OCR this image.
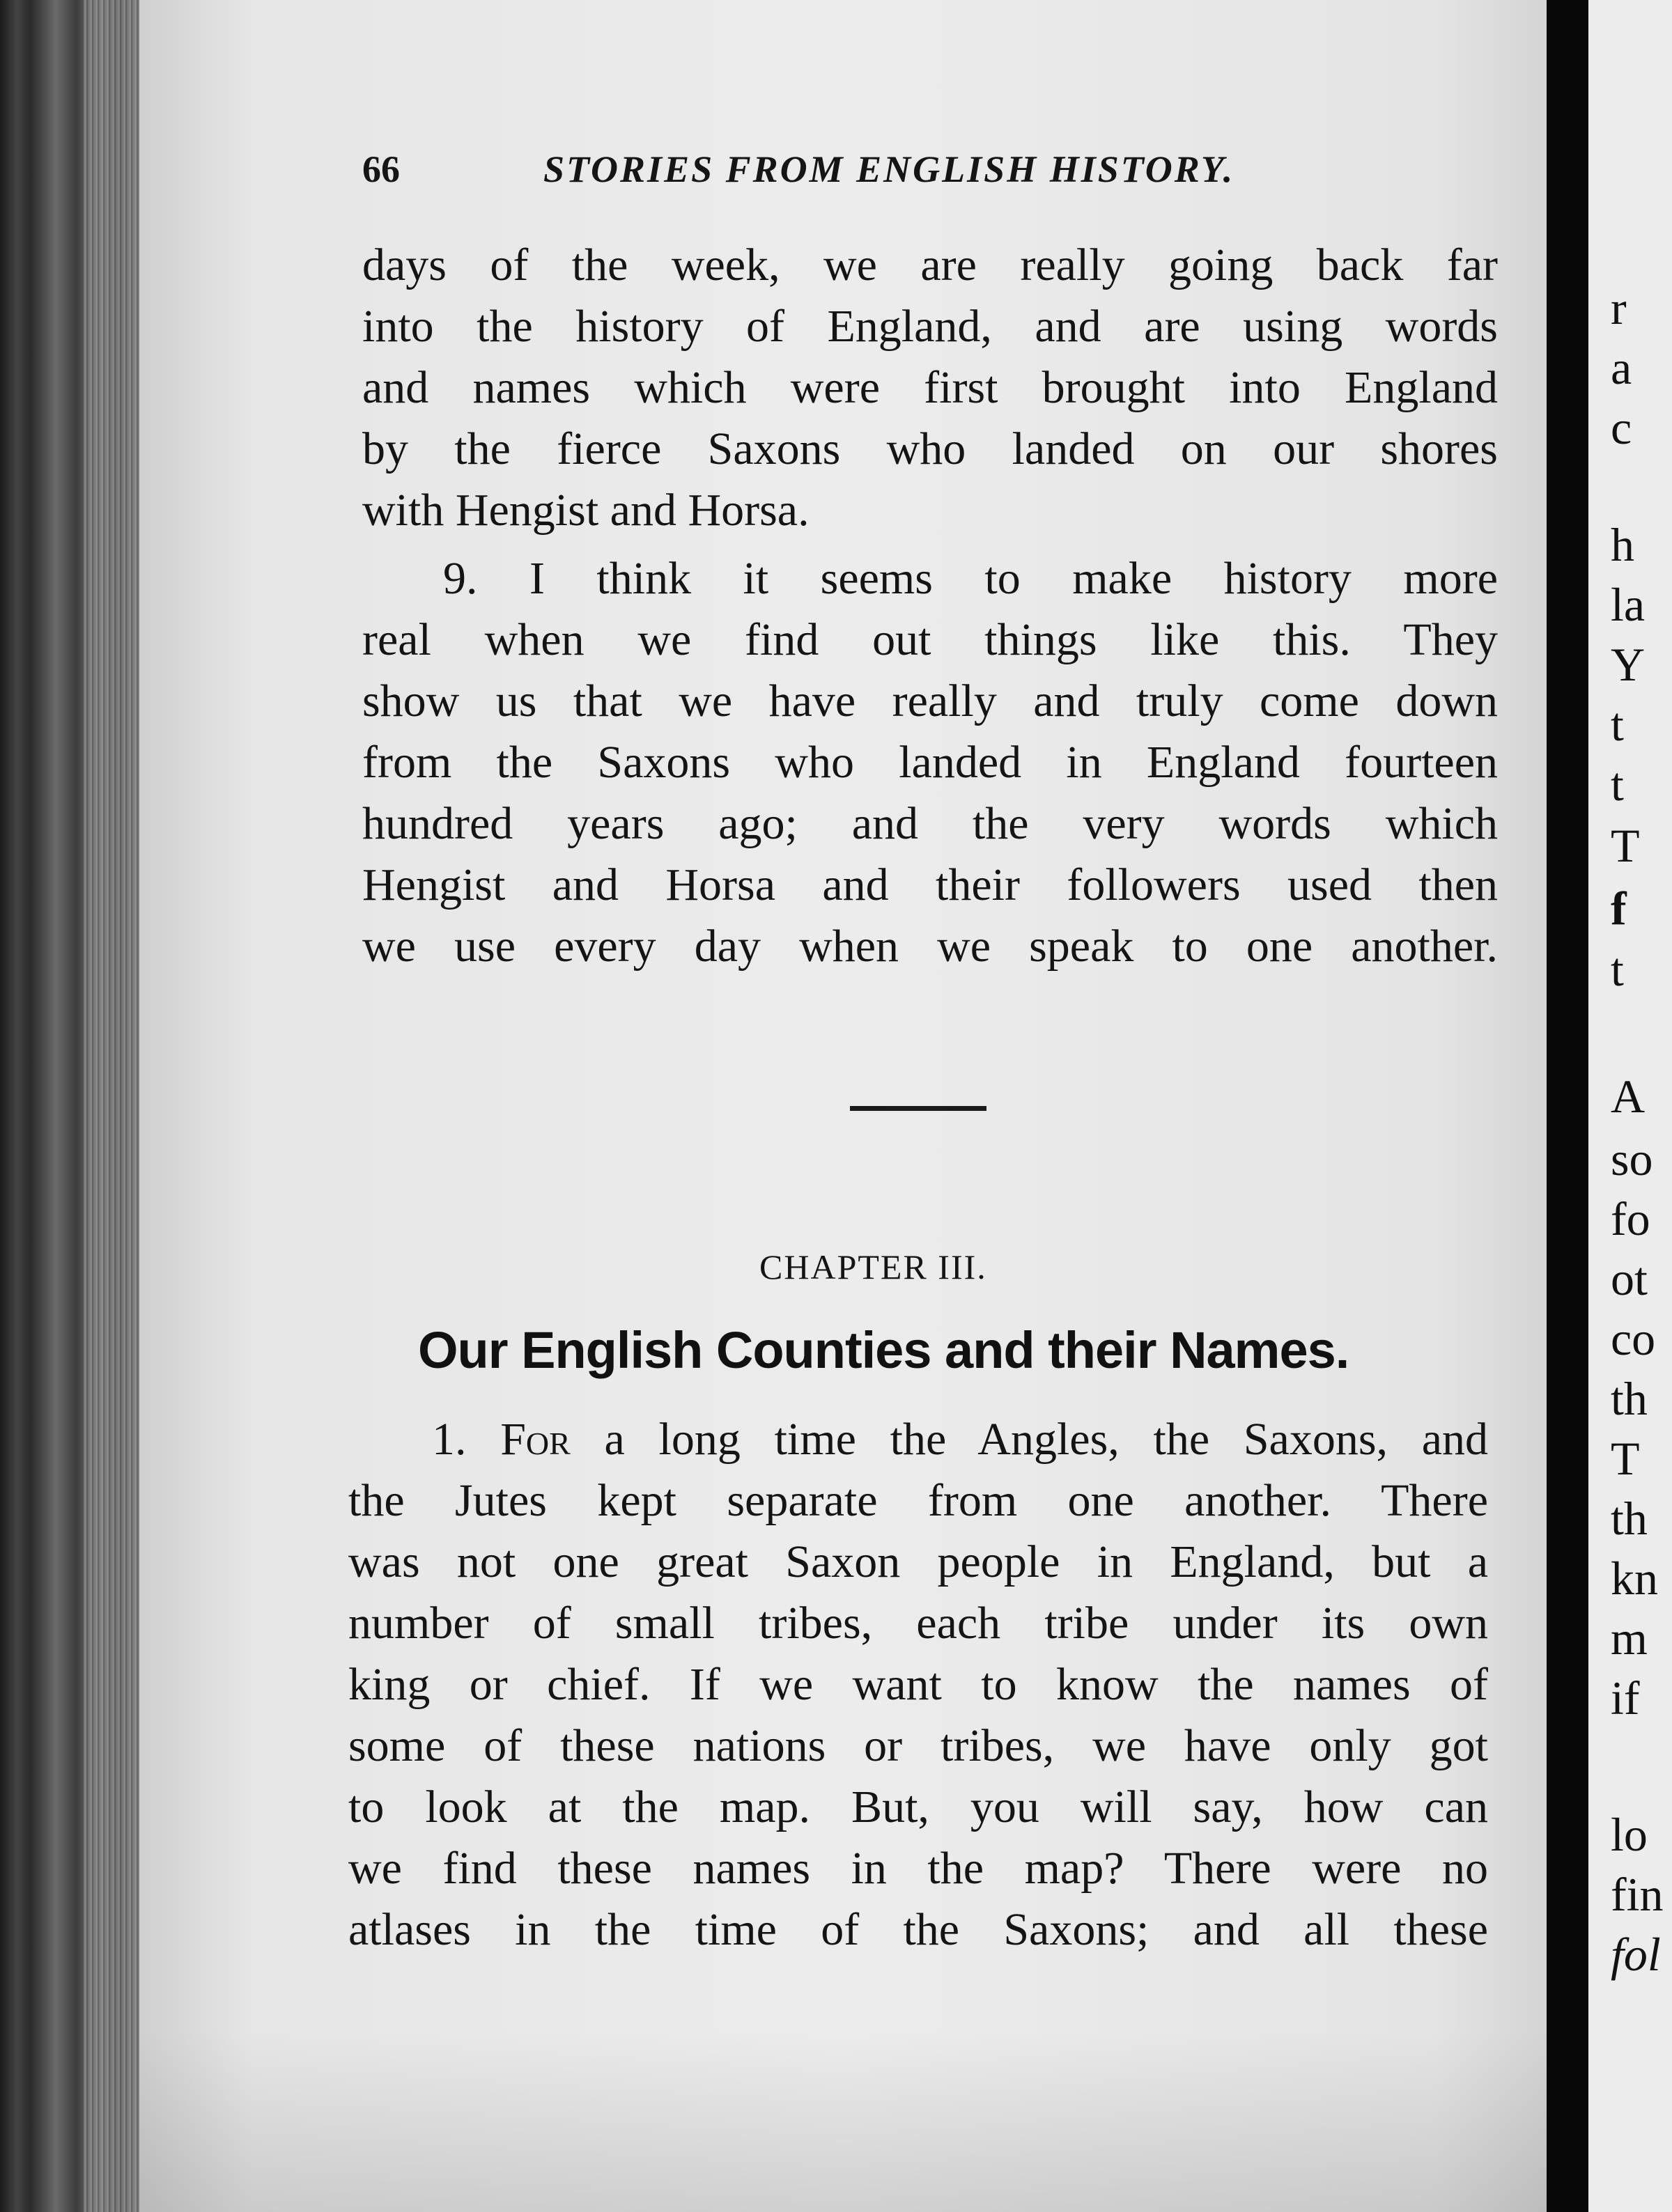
r
a
c
h
la
Y
t
t
T
f
t
A
so
fo
ot
co
th
T
th
kn
m
if
lo
fin
fol
66	STORIES FROM ENGLISH HISTORY.
days of the week, we are really going back far
into the history of England, and are using words
and names which were first brought into England
by the fierce Saxons who landed on our shores
with Hengist and Horsa.
9. I think it seems to make history more
real when we find out things like this. They
show us that we have really and truly come down
from the Saxons who landed in England fourteen
hundred years ago; and the very words which
Hengist and Horsa and their followers used then
we use every day when we speak to one another.
CHAPTER III.
Our English Counties and their Names.
1. For a long time the Angles, the Saxons, and
the Jutes kept separate from one another. There
was not one great Saxon people in England, but a
number of small tribes, each tribe under its own
king or chief. If we want to know the names of
some of these nations or tribes, we have only got
to look at the map. But, you will say, how can
we find these names in the map? There were no
atlases in the time of the Saxons; and all these
